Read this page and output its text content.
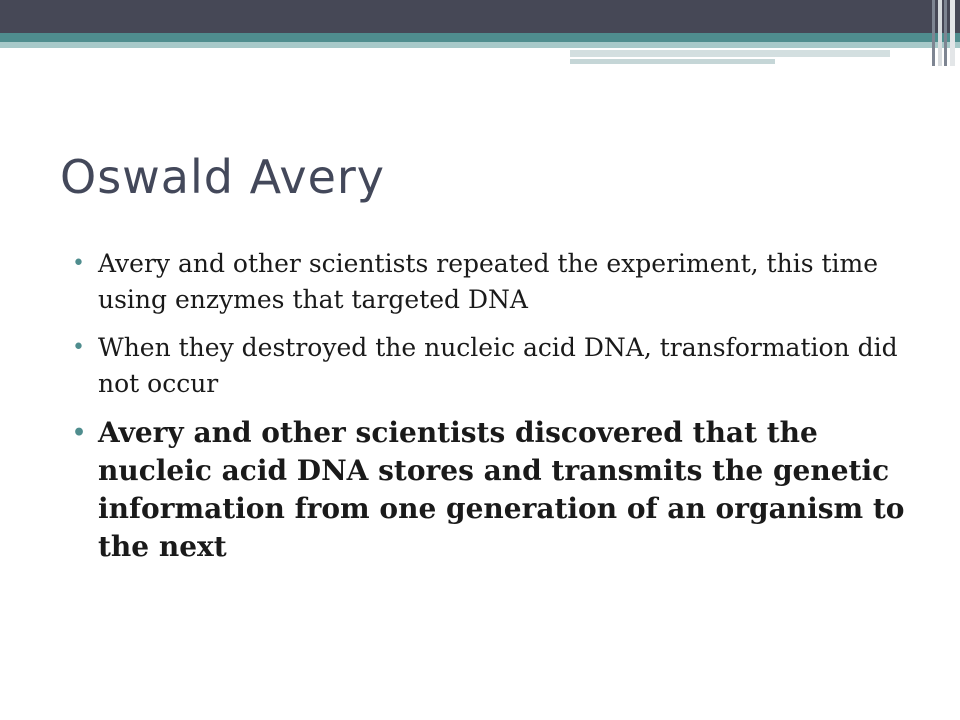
Oswald Avery
• Avery and other scientists repeated the experiment, this time using enzymes that targeted DNA
• When they destroyed the nucleic acid DNA, transformation did not occur
• Avery and other scientists discovered that the nucleic acid DNA stores and transmits the genetic information from one generation of an organism to the next
